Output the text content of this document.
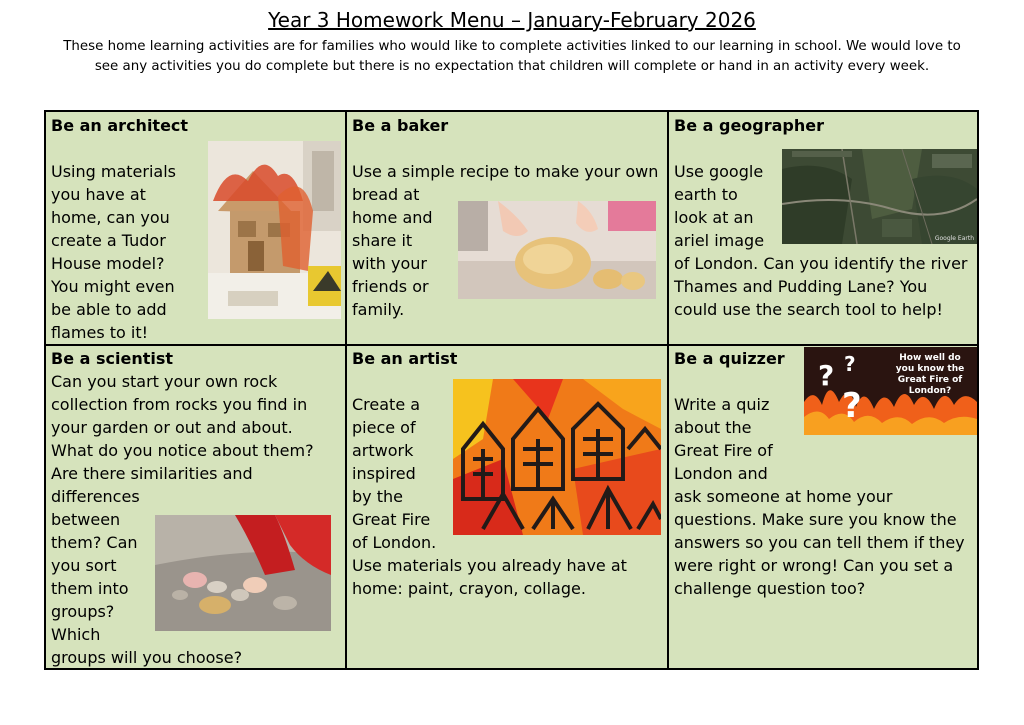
Year 3 Homework Menu – January-February 2026
These home learning activities are for families who would like to complete activities linked to our learning in school. We would love to
see any activities you do complete but there is no expectation that children will complete or hand in an activity every week.
Be an architect
Using materials
you have at
home, can you
create a Tudor
House model?
You might even
be able to add
flames to it!
Be a baker
Use a simple recipe to make your own
bread at
home and
share it
with your
friends or
family.
Be a geographer
Use google
earth to
look at an
ariel image
of London. Can you identify the river
Thames and Pudding Lane? You
could use the search tool to help!
Google Earth
Be a scientist
Can you start your own rock
collection from rocks you find in
your garden or out and about.
What do you notice about them?
Are there similarities and
differences
between
them? Can
you sort
them into
groups?
Which
groups will you choose?
Be an artist
Create a
piece of
artwork
inspired
by the
Great Fire
of London.
Use materials you already have at
home: paint, crayon, collage.
Be a quizzer
Write a quiz
about the
Great Fire of
London and
ask someone at home your
questions. Make sure you know the
answers so you can tell them if they
were right or wrong! Can you set a
challenge question too?
? ?
?
How well do
you know the
Great Fire of London?
